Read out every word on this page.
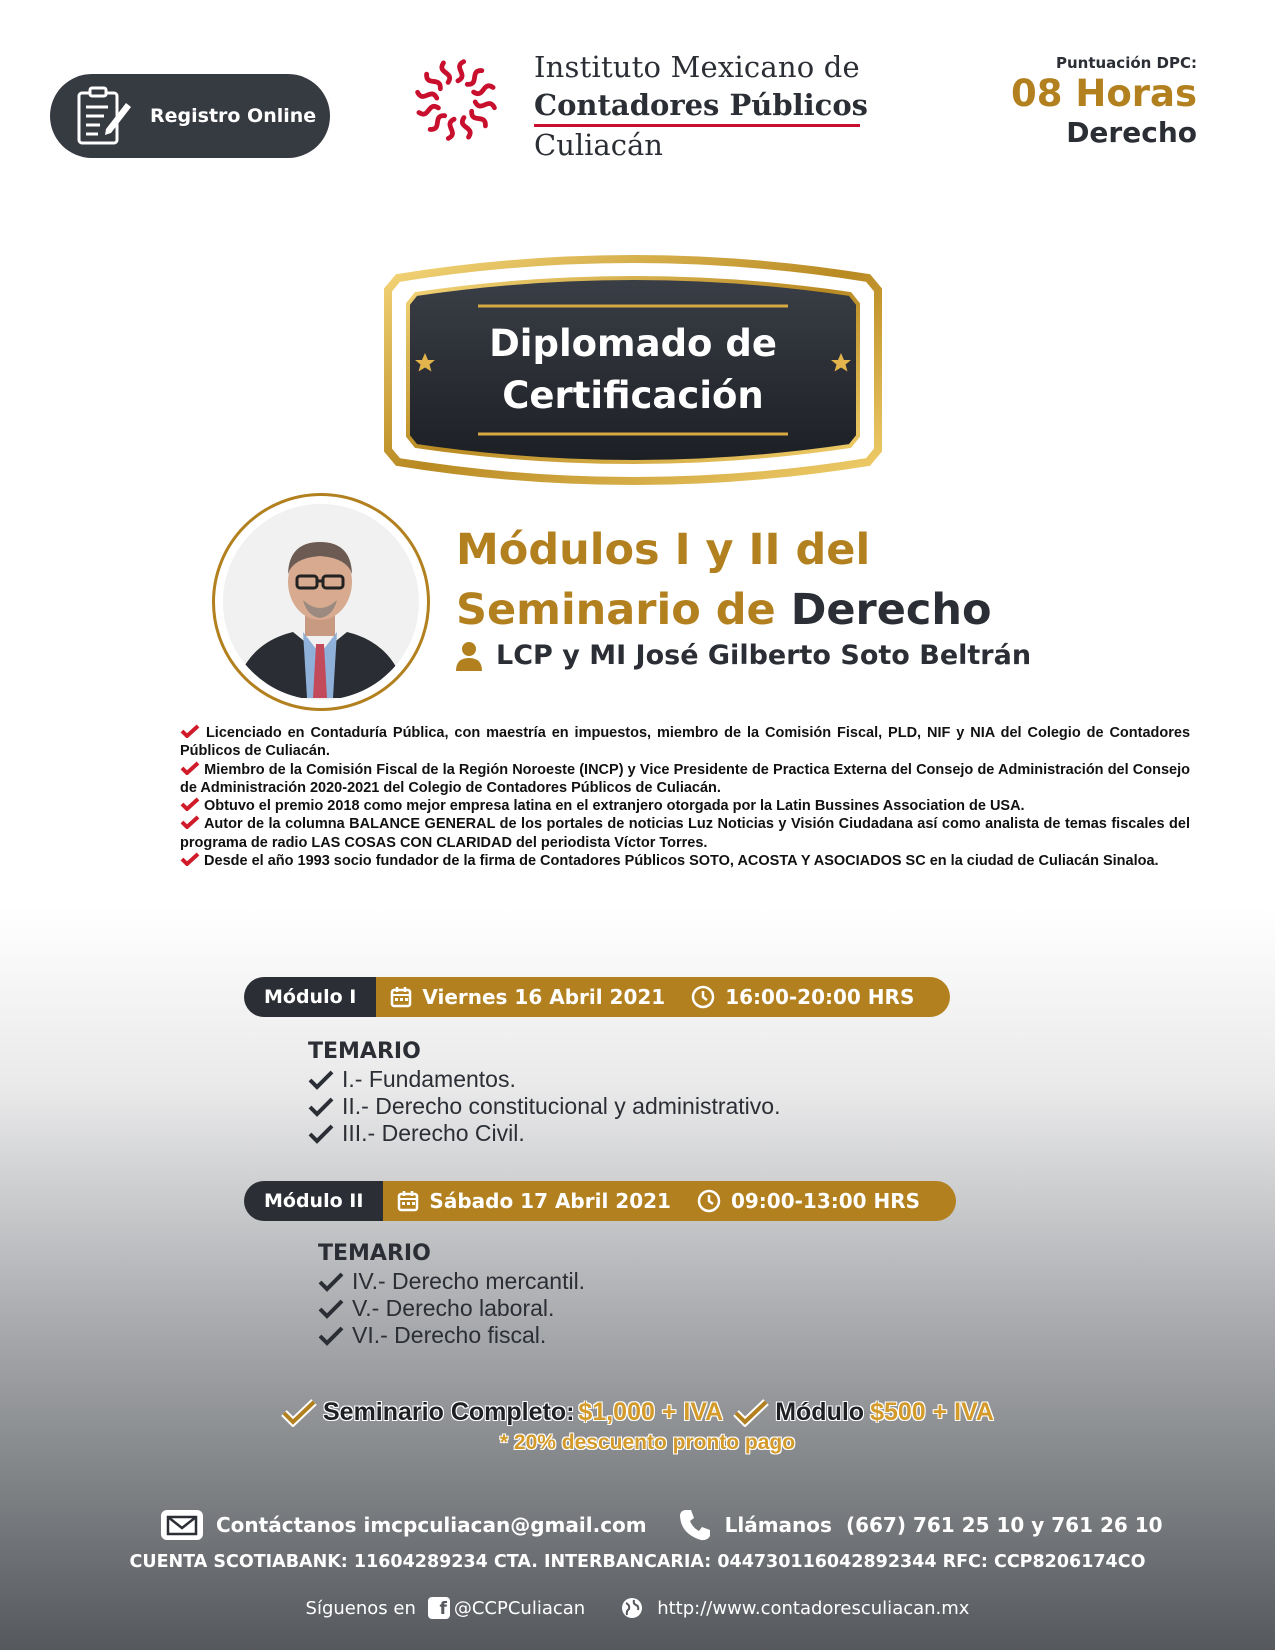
Registro Online
Instituto Mexicano de
Contadores Públicos
Culiacán
Puntuación DPC:
08 Horas
Derecho
Diplomado de
Certificación
Módulos I y II del
Seminario de Derecho
LCP y MI José Gilberto Soto Beltrán
Licenciado en Contaduría Pública, con maestría en impuestos, miembro de la Comisión Fiscal, PLD, NIF y NIA del Colegio de Contadores Públicos de Culiacán.
Miembro de la Comisión Fiscal de la Región Noroeste (INCP) y Vice Presidente de Practica Externa del Consejo de Administración del Consejo de Administración 2020-2021 del Colegio de Contadores Públicos de Culiacán.
Obtuvo el premio 2018 como mejor empresa latina en el extranjero otorgada por la Latin Bussines Association de USA.
Autor de la columna BALANCE GENERAL de los portales de noticias Luz Noticias y Visión Ciudadana así como analista de temas fiscales del programa de radio LAS COSAS CON CLARIDAD del periodista Víctor Torres.
Desde el año 1993 socio fundador de la firma de Contadores Públicos SOTO, ACOSTA Y ASOCIADOS SC en la ciudad de Culiacán Sinaloa.
Módulo I	Viernes 16 Abril 2021	16:00-20:00 HRS
TEMARIO
I.- Fundamentos.
II.- Derecho constitucional y administrativo.
III.- Derecho Civil.
Módulo II	Sábado 17 Abril 2021	09:00-13:00 HRS
TEMARIO
IV.- Derecho mercantil.
V.- Derecho laboral.
VI.- Derecho fiscal.
Seminario Completo: $1,000 + IVA Módulo $500 + IVA
* 20% descuento pronto pago
Contáctanos imcpculiacan@gmail.com	Llámanos (667) 761 25 10 y 761 26 10
CUENTA SCOTIABANK: 11604289234 CTA. INTERBANCARIA: 044730116042892344 RFC: CCP8206174CO
Síguenos en	f @CCPCuliacan	http://www.contadoresculiacan.mx
